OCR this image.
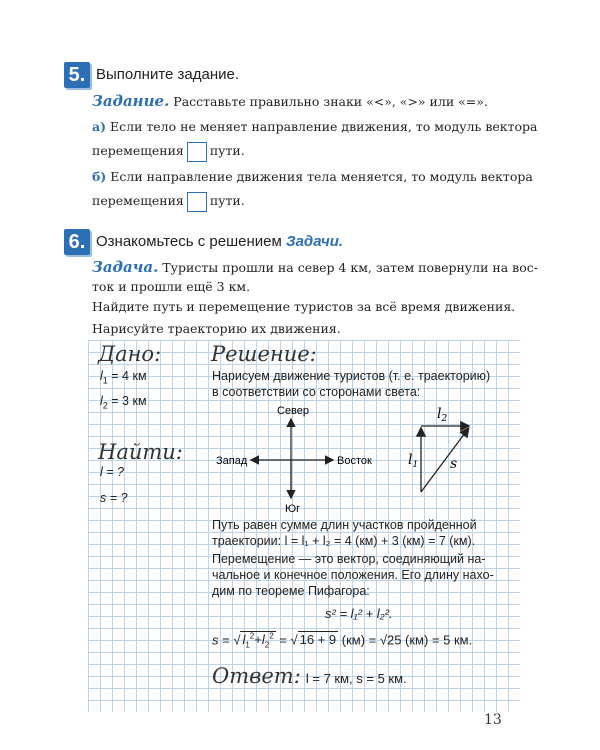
5. Выполните задание.
Задание. Расставьте правильно знаки «<», «>» или «=».
а) Если тело не меняет направление движения, то модуль вектора
перемещения пути.
б) Если направление движения тела меняется, то модуль вектора
перемещения пути.
6. Ознакомьтесь с решением Задачи.
Задача. Туристы прошли на север 4 км, затем повернули на вос-
ток и прошли ещё 3 км.
Найдите путь и перемещение туристов за всё время движения.
Нарисуйте траекторию их движения.
Дано:
$l_1 = 4$ км
$l_2 = 3$ км
Найти:
l = ?
s = ?
Решение:
Нарисуем движение туристов (т. е. траекторию)
в соответствии со сторонами света:
Север
Юг
Запад	Восток	$l_1$
$l_2$
s
Путь равен сумме длин участков пройденной
траектории: l = l₁ + l₂ = 4 (км) + 3 (км) = 7 (км).
Перемещение — это вектор, соединяющий на-
чальное и конечное положения. Его длину нахо-
дим по теореме Пифагора:
s² = l₁² + l₂².
s = √ $l_1^2+l_2^2$ = √ 16 + 9 (км) = √25 (км) = 5 км.
Ответ: l = 7 км, s = 5 км.
13
